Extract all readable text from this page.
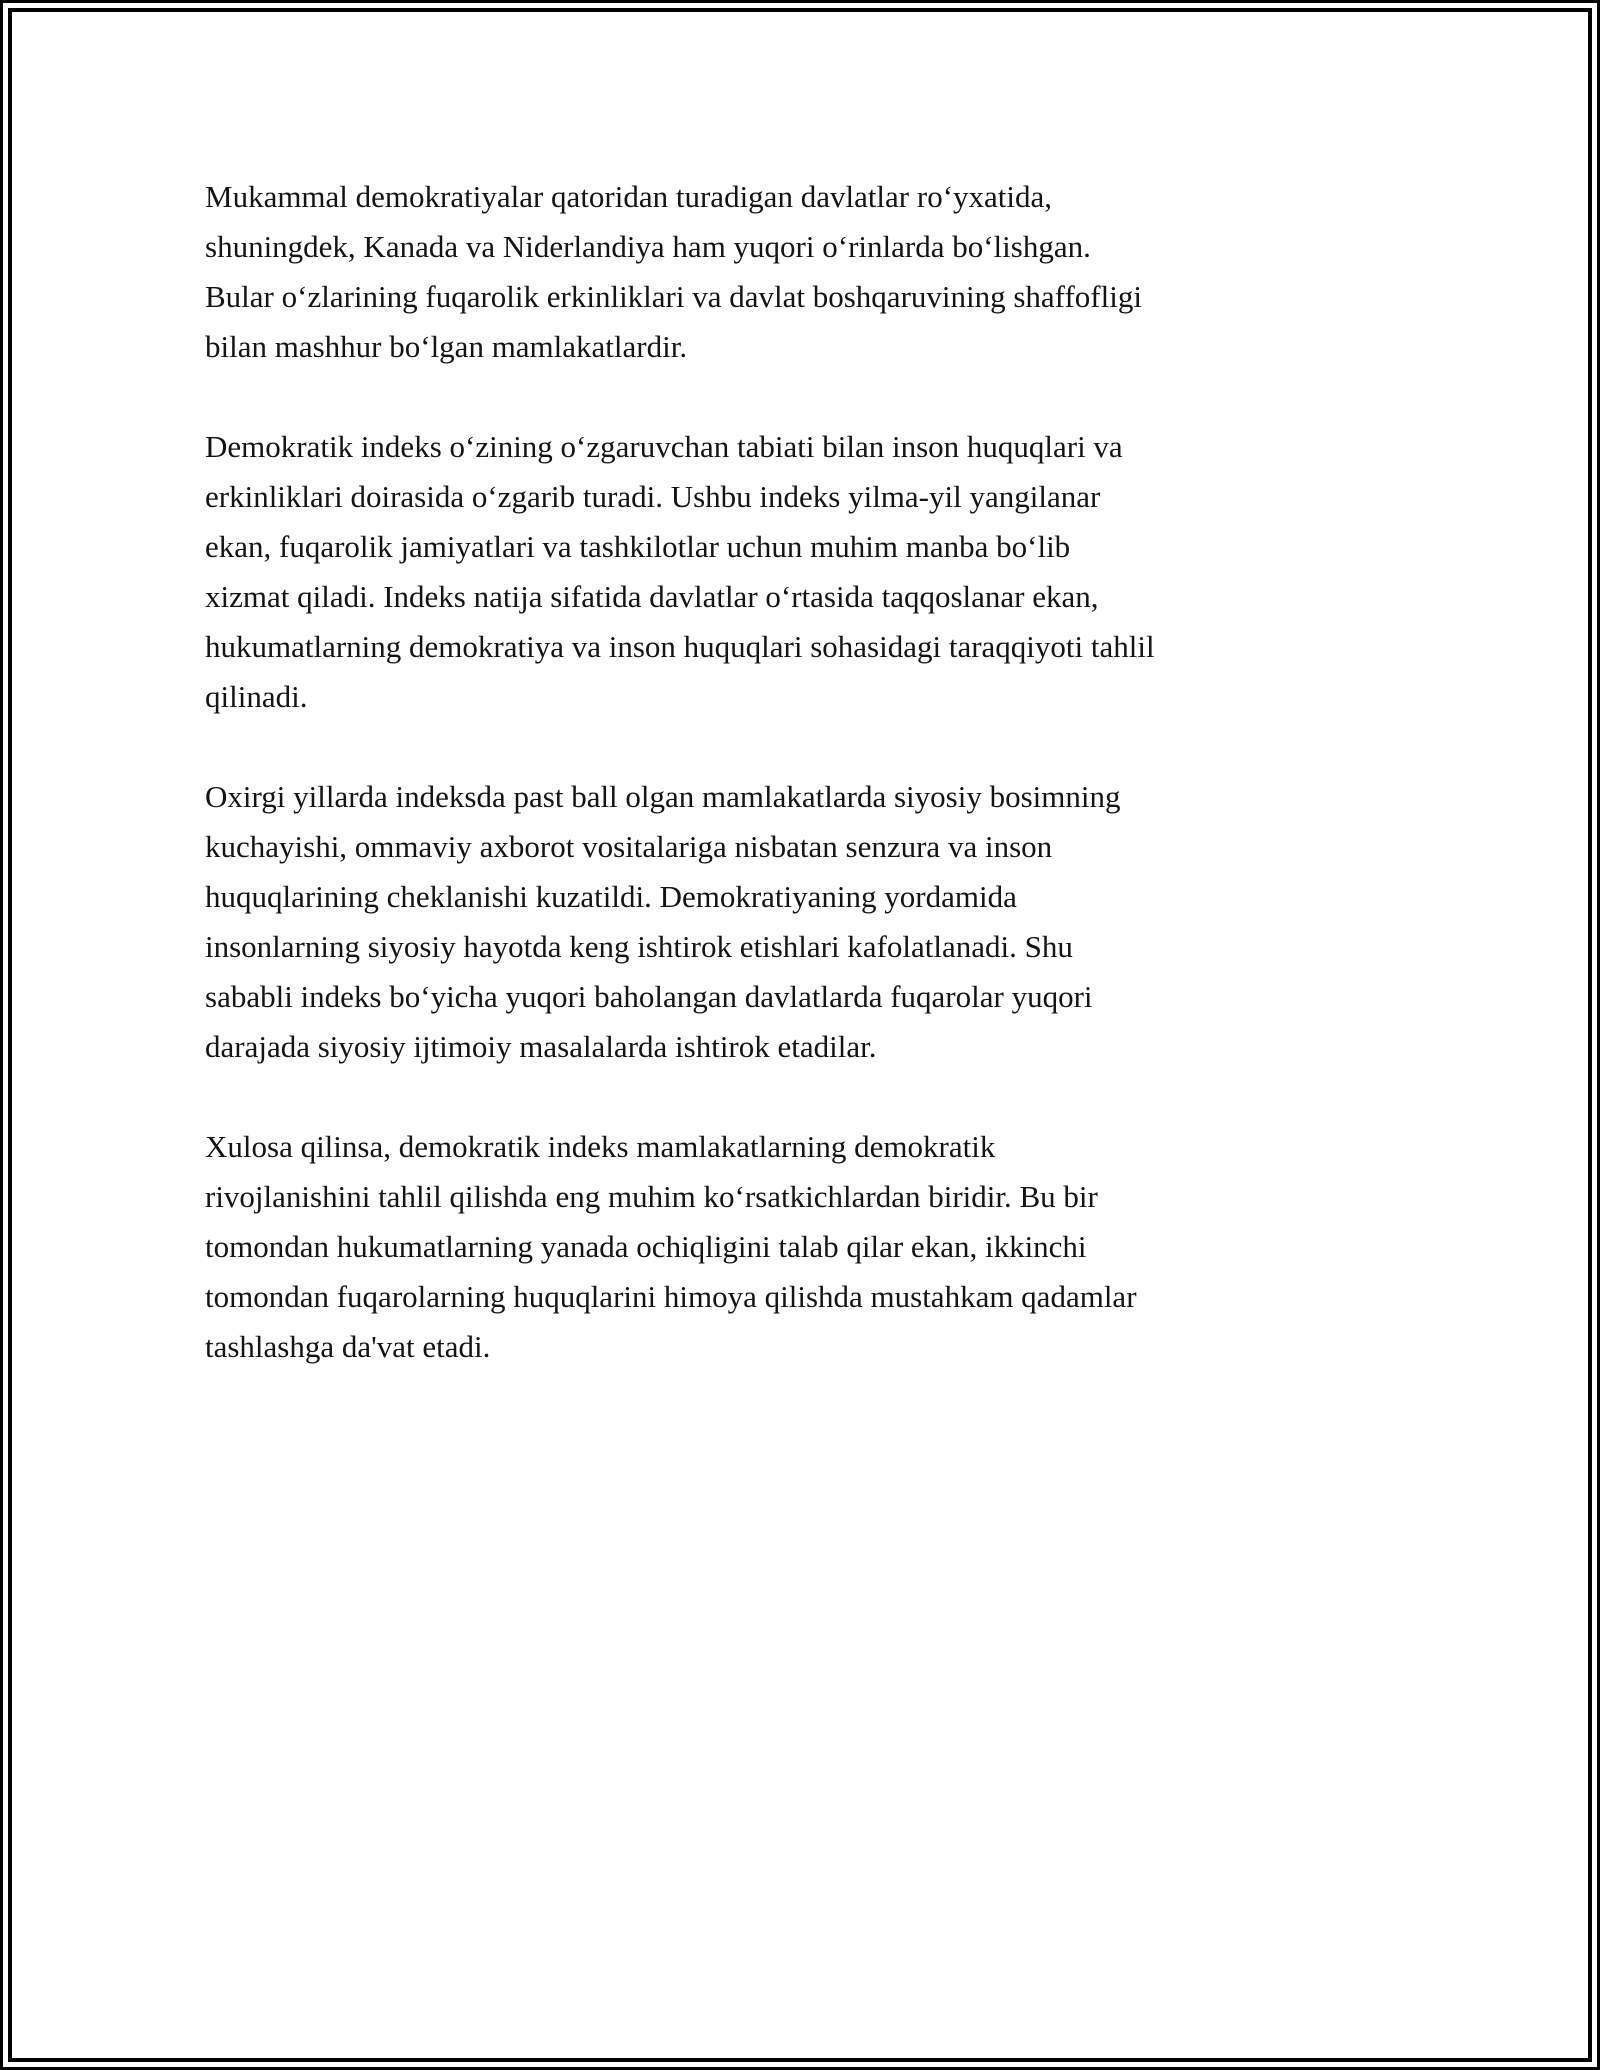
Mukammal demokratiyalar qatoridan turadigan davlatlar ro‘yxatida,
shuningdek, Kanada va Niderlandiya ham yuqori o‘rinlarda bo‘lishgan.
Bular o‘zlarining fuqarolik erkinliklari va davlat boshqaruvining shaffofligi
bilan mashhur bo‘lgan mamlakatlardir.
Demokratik indeks o‘zining o‘zgaruvchan tabiati bilan inson huquqlari va
erkinliklari doirasida o‘zgarib turadi. Ushbu indeks yilma-yil yangilanar
ekan, fuqarolik jamiyatlari va tashkilotlar uchun muhim manba bo‘lib
xizmat qiladi. Indeks natija sifatida davlatlar o‘rtasida taqqoslanar ekan,
hukumatlarning demokratiya va inson huquqlari sohasidagi taraqqiyoti tahlil
qilinadi.
Oxirgi yillarda indeksda past ball olgan mamlakatlarda siyosiy bosimning
kuchayishi, ommaviy axborot vositalariga nisbatan senzura va inson
huquqlarining cheklanishi kuzatildi. Demokratiyaning yordamida
insonlarning siyosiy hayotda keng ishtirok etishlari kafolatlanadi. Shu
sababli indeks bo‘yicha yuqori baholangan davlatlarda fuqarolar yuqori
darajada siyosiy ijtimoiy masalalarda ishtirok etadilar.
Xulosa qilinsa, demokratik indeks mamlakatlarning demokratik
rivojlanishini tahlil qilishda eng muhim ko‘rsatkichlardan biridir. Bu bir
tomondan hukumatlarning yanada ochiqligini talab qilar ekan, ikkinchi
tomondan fuqarolarning huquqlarini himoya qilishda mustahkam qadamlar
tashlashga da'vat etadi.
